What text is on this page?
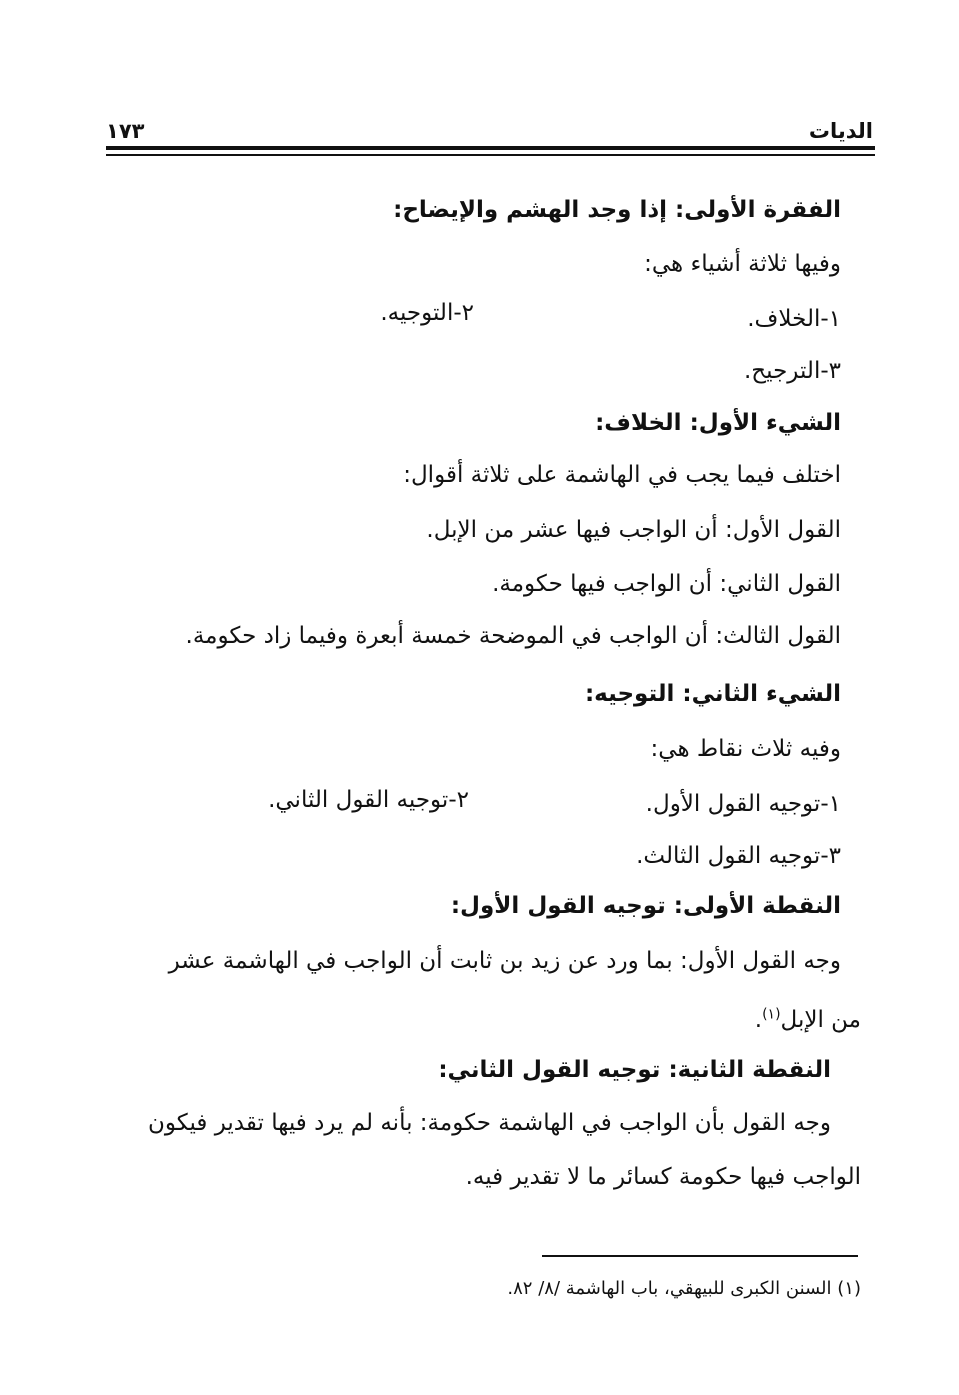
الديات
١٧٣
الفقرة الأولى: إذا وجد الهشم والإيضاح:
وفيها ثلاثة أشياء هي:
١-الخلاف.
٢-التوجيه.
٣-الترجيح.
الشيء الأول: الخلاف:
اختلف فيما يجب في الهاشمة على ثلاثة أقوال:
القول الأول: أن الواجب فيها عشر من الإبل.
القول الثاني: أن الواجب فيها حكومة.
القول الثالث: أن الواجب في الموضحة خمسة أبعرة وفيما زاد حكومة.
الشيء الثاني: التوجيه:
وفيه ثلاث نقاط هي:
١-توجيه القول الأول.
٢-توجيه القول الثاني.
٣-توجيه القول الثالث.
النقطة الأولى: توجيه القول الأول:
وجه القول الأول: بما ورد عن زيد بن ثابت أن الواجب في الهاشمة عشر
من الإبل$^{(١)}$.
النقطة الثانية: توجيه القول الثاني:
وجه القول بأن الواجب في الهاشمة حكومة: بأنه لم يرد فيها تقدير فيكون
الواجب فيها حكومة كسائر ما لا تقدير فيه.
(١) السنن الكبرى للبيهقي، باب الهاشمة /٨/ ٨٢.
